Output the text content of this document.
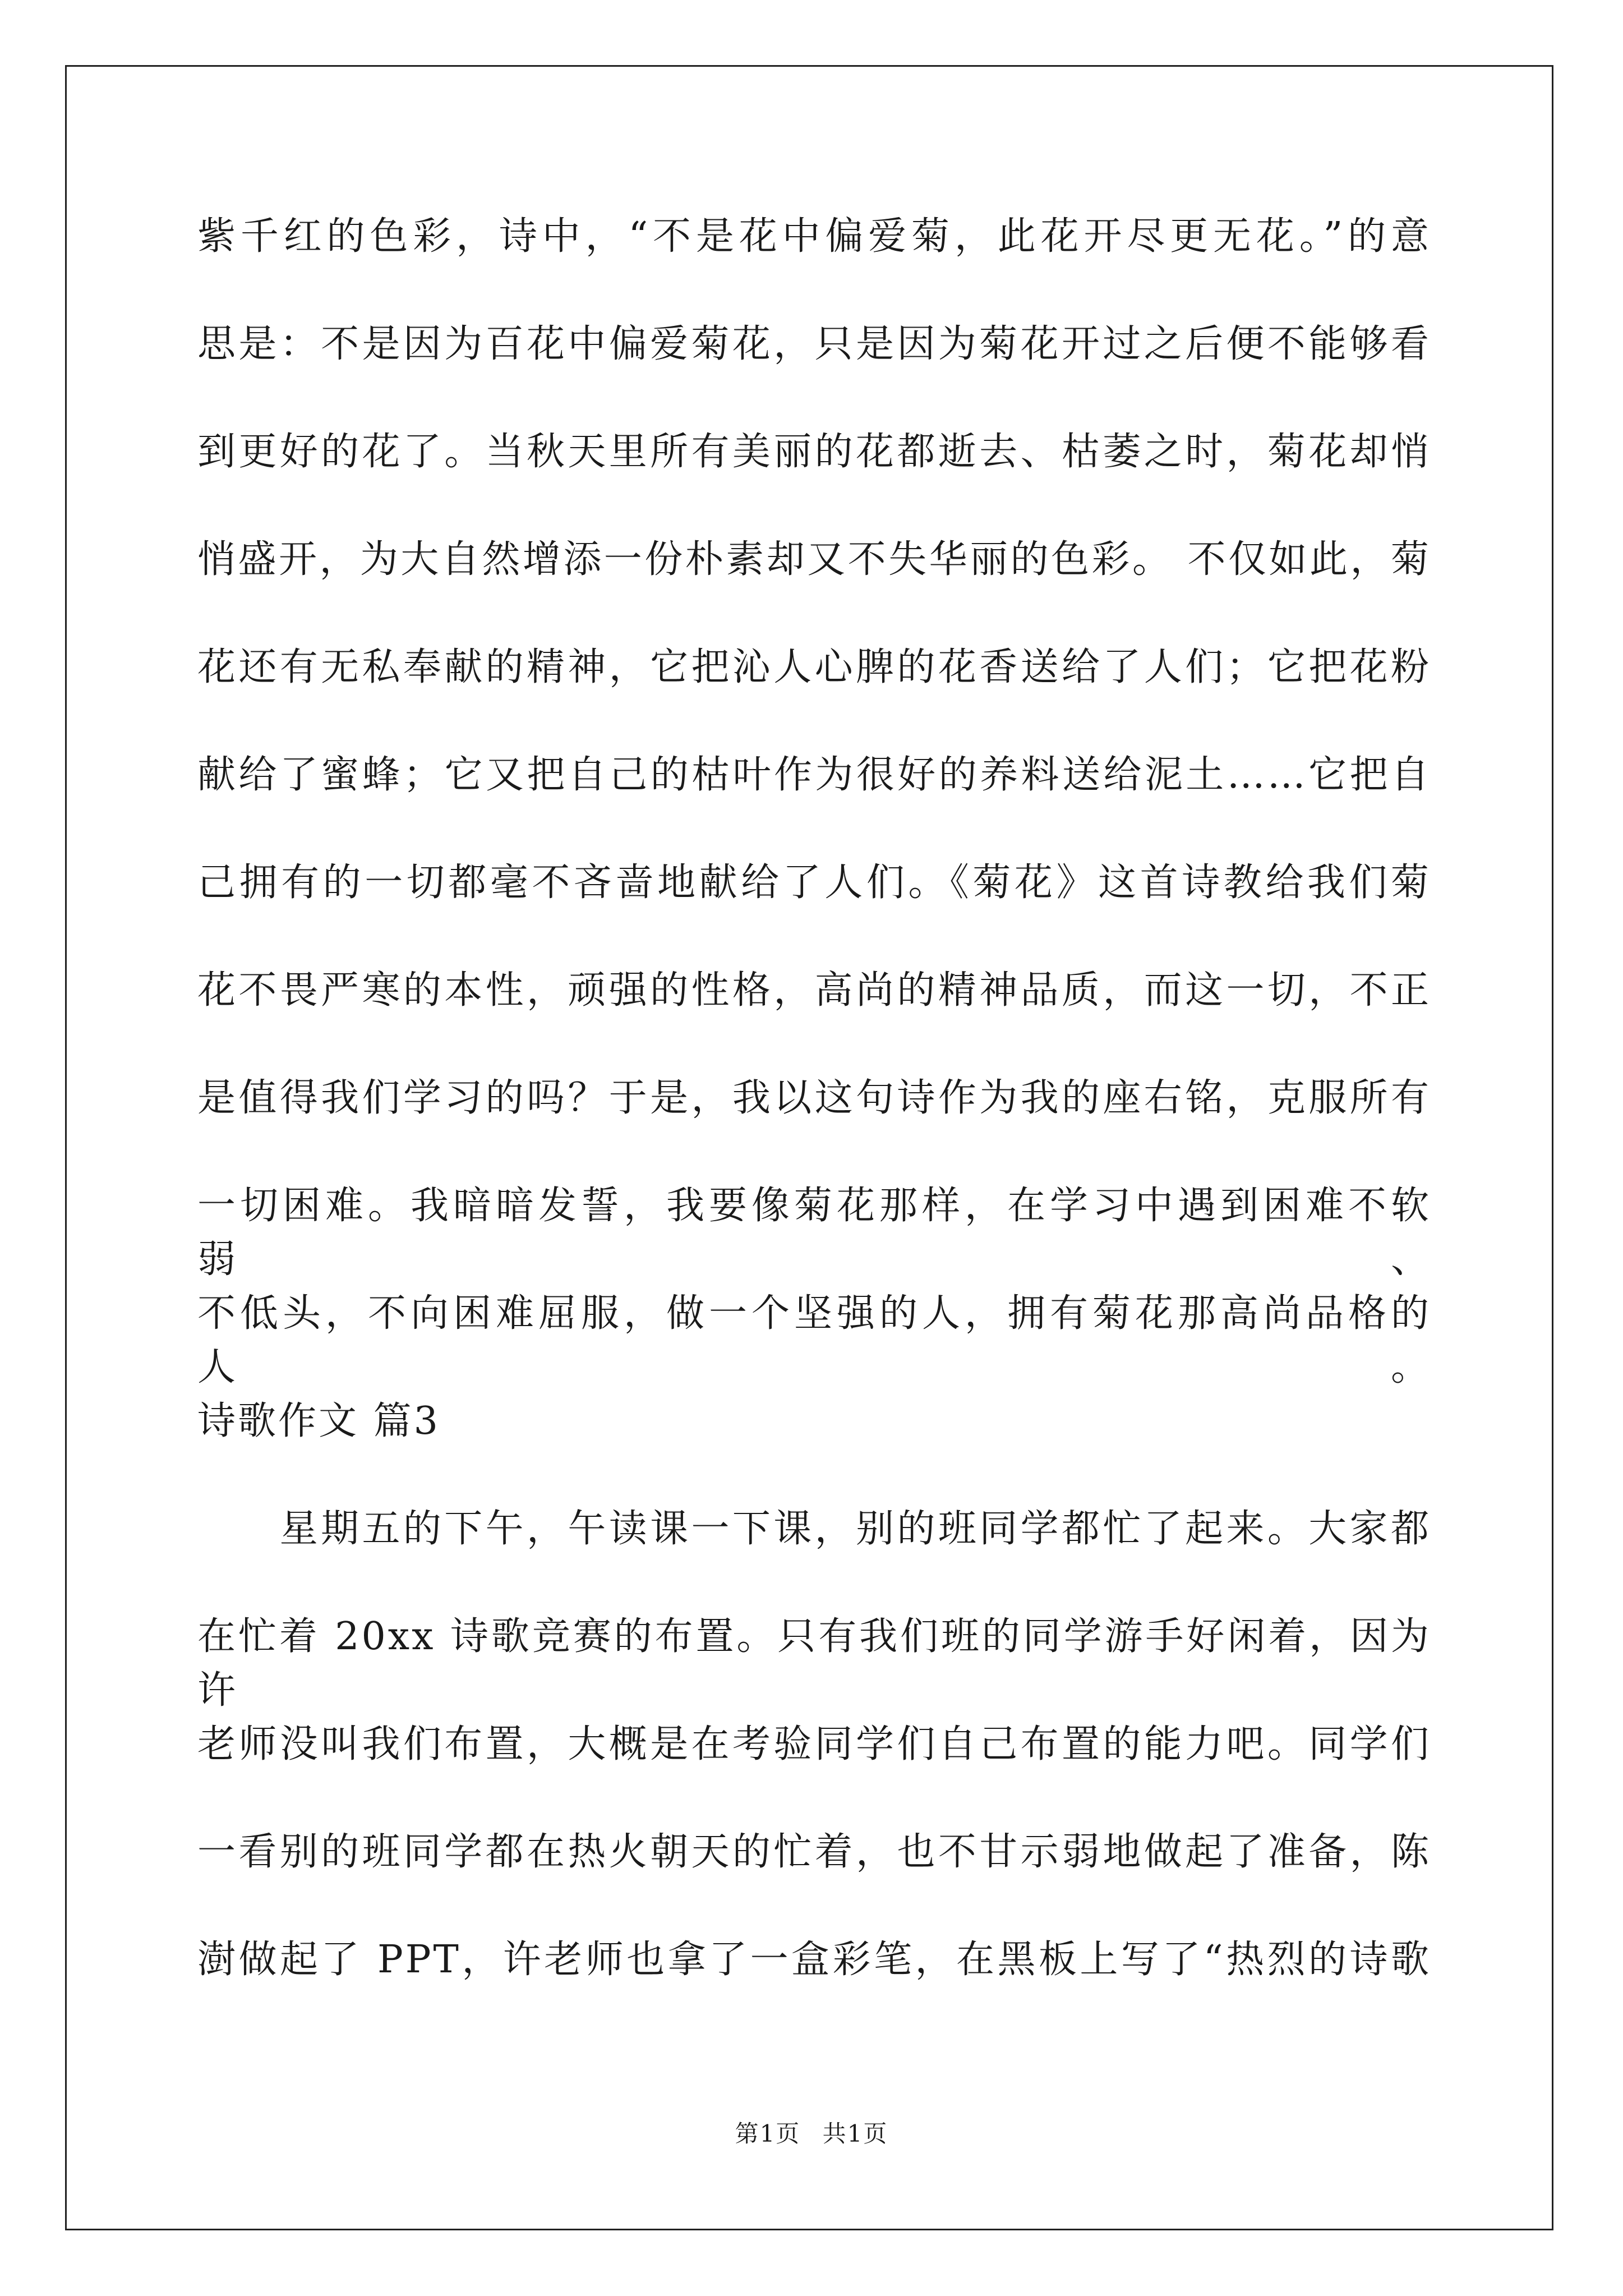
紫千红的色彩，诗中，“不是花中偏爱菊，此花开尽更无花。”的意
思是：不是因为百花中偏爱菊花，只是因为菊花开过之后便不能够看
到更好的花了。当秋天里所有美丽的花都逝去、枯萎之时，菊花却悄
悄盛开，为大自然增添一份朴素却又不失华丽的色彩。 不仅如此，菊
花还有无私奉献的精神，它把沁人心脾的花香送给了人们；它把花粉
献给了蜜蜂；它又把自己的枯叶作为很好的养料送给泥土……它把自
己拥有的一切都毫不吝啬地献给了人们。《菊花》这首诗教给我们菊
花不畏严寒的本性，顽强的性格，高尚的精神品质，而这一切，不正
是值得我们学习的吗？于是，我以这句诗作为我的座右铭，克服所有
一切困难。我暗暗发誓，我要像菊花那样，在学习中遇到困难不软弱、
不低头，不向困难屈服，做一个坚强的人，拥有菊花那高尚品格的人。
诗歌作文 篇3
　　星期五的下午，午读课一下课，别的班同学都忙了起来。大家都
在忙着 20xx 诗歌竞赛的布置。只有我们班的同学游手好闲着，因为许
老师没叫我们布置，大概是在考验同学们自己布置的能力吧。同学们
一看别的班同学都在热火朝天的忙着，也不甘示弱地做起了准备，陈
澍做起了 PPT，许老师也拿了一盒彩笔，在黑板上写了“热烈的诗歌
第1页 共1页
